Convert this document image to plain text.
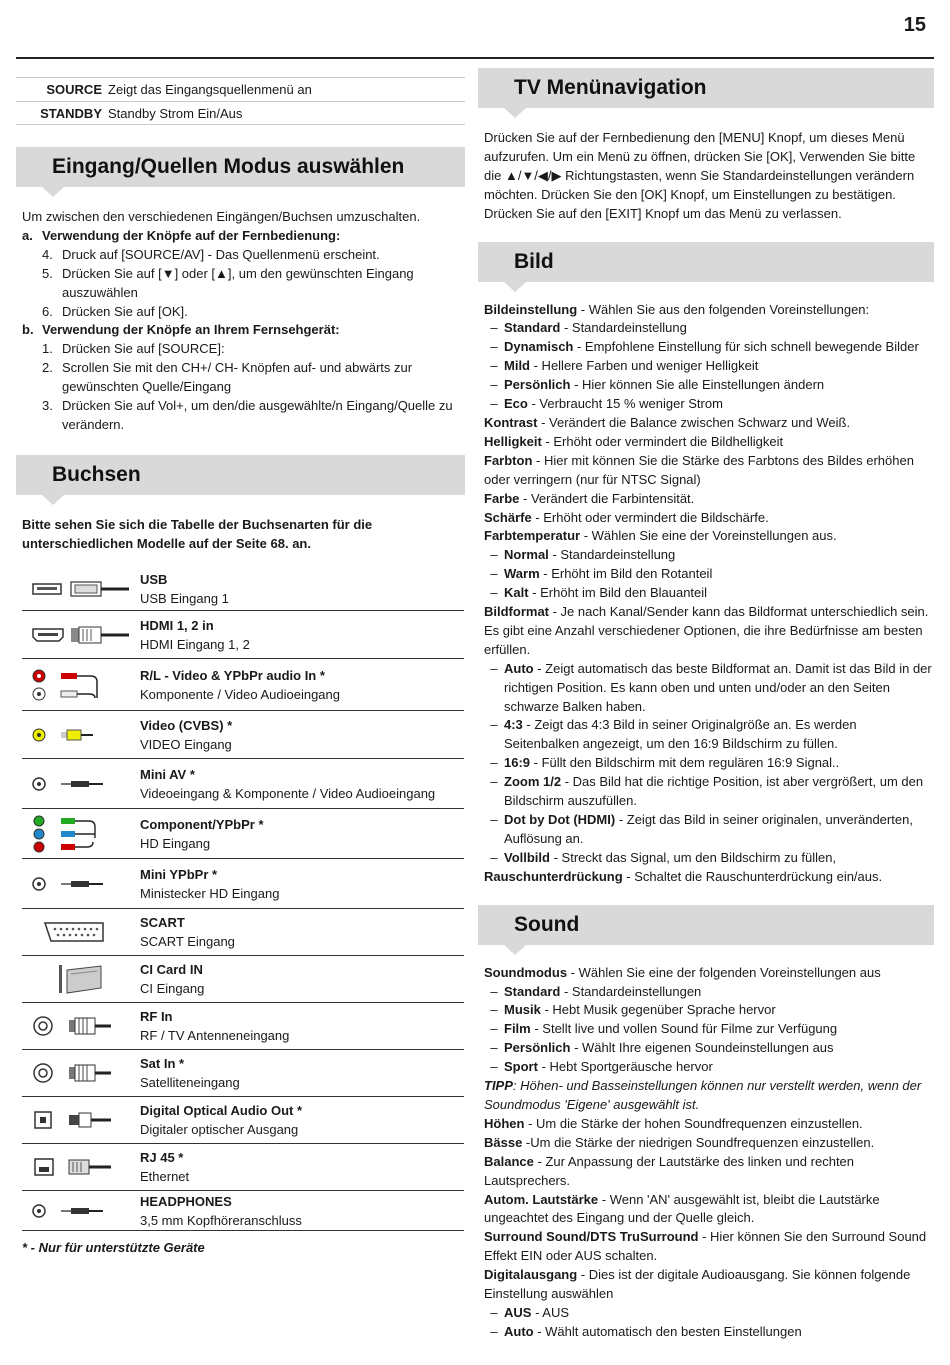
15
SOURCE Zeigt das Eingangsquellenmenü an
STANDBY Standby Strom Ein/Aus
Eingang/Quellen Modus auswählen
Um zwischen den verschiedenen Eingängen/Buchsen umzuschalten.
a. Verwendung der Knöpfe auf der Fernbedienung:
4. Druck auf [SOURCE/AV] - Das Quellenmenü erscheint.
5. Drücken Sie auf [▼] oder [▲], um den gewünschten Eingang auszuwählen
6. Drücken Sie auf [OK].
b. Verwendung der Knöpfe an Ihrem Fernsehgerät:
1. Drücken Sie auf [SOURCE]:
2. Scrollen Sie mit den CH+/ CH- Knöpfen auf- und abwärts zur gewünschten Quelle/Eingang
3. Drücken Sie auf Vol+, um den/die ausgewählte/n Eingang/Quelle zu verändern.
Buchsen
Bitte sehen Sie sich die Tabelle der Buchsenarten für die unterschiedlichen Modelle auf der Seite 68. an.
	USB
USB Eingang 1

	HDMI 1, 2 in
HDMI Eingang 1, 2

	R/L - Video & YPbPr audio In *
Komponente / Video Audioeingang

	Video (CVBS) *
VIDEO Eingang

	Mini AV *
Videoeingang & Komponente / Video Audioeingang

	Component/YPbPr *
HD Eingang

	Mini YPbPr *
Ministecker HD Eingang

	SCART
SCART Eingang

	CI Card IN
CI Eingang

	RF In
RF / TV Antenneneingang

	Sat In *
Satelliteneingang

	Digital Optical Audio Out *
Digitaler optischer Ausgang

	RJ 45 *
Ethernet

	HEADPHONES
3,5 mm Kopfhöreranschluss
* - Nur für unterstützte Geräte
TV Menünavigation
Drücken Sie auf der Fernbedienung den [MENU] Knopf, um dieses Menü aufzurufen. Um ein Menü zu öffnen, drücken Sie [OK], Verwenden Sie bitte die ▲/▼/◀/▶ Richtungstasten, wenn Sie Standardeinstellungen verändern möchten. Drücken Sie den [OK] Knopf, um Einstellungen zu bestätigen. Drücken Sie auf den [EXIT] Knopf um das Menü zu verlassen.
Bild
Bildeinstellung - Wählen Sie aus den folgenden Voreinstellungen:
– Standard - Standardeinstellung
– Dynamisch - Empfohlene Einstellung für sich schnell bewegende Bilder
– Mild - Hellere Farben und weniger Helligkeit
– Persönlich - Hier können Sie alle Einstellungen ändern
– Eco - Verbraucht 15 % weniger Strom
Kontrast - Verändert die Balance zwischen Schwarz und Weiß.
Helligkeit - Erhöht oder vermindert die Bildhelligkeit
Farbton - Hier mit können Sie die Stärke des Farbtons des Bildes erhöhen oder verringern (nur für NTSC Signal)
Farbe - Verändert die Farbintensität.
Schärfe - Erhöht oder vermindert die Bildschärfe.
Farbtemperatur - Wählen Sie eine der Voreinstellungen aus.
– Normal - Standardeinstellung
– Warm - Erhöht im Bild den Rotanteil
– Kalt - Erhöht im Bild den Blauanteil
Bildformat - Je nach Kanal/Sender kann das Bildformat unterschiedlich sein. Es gibt eine Anzahl verschiedener Optionen, die ihre Bedürfnisse am besten erfüllen.
– Auto - Zeigt automatisch das beste Bildformat an. Damit ist das Bild in der richtigen Position. Es kann oben und unten und/oder an den Seiten schwarze Balken haben.
– 4:3 - Zeigt das 4:3 Bild in seiner Originalgröße an. Es werden Seitenbalken angezeigt, um den 16:9 Bildschirm zu füllen.
– 16:9 - Füllt den Bildschirm mit dem regulären 16:9 Signal..
– Zoom 1/2 - Das Bild hat die richtige Position, ist aber vergrößert, um den Bildschirm auszufüllen.
– Dot by Dot (HDMI) - Zeigt das Bild in seiner originalen, unveränderten, Auflösung an.
– Vollbild - Streckt das Signal, um den Bildschirm zu füllen,
Rauschunterdrückung - Schaltet die Rauschunterdrückung ein/aus.
Sound
Soundmodus - Wählen Sie eine der folgenden Voreinstellungen aus
– Standard - Standardeinstellungen
– Musik - Hebt Musik gegenüber Sprache hervor
– Film - Stellt live und vollen Sound für Filme zur Verfügung
– Persönlich - Wählt Ihre eigenen Soundeinstellungen aus
– Sport - Hebt Sportgeräusche hervor
TIPP: Höhen- und Basseinstellungen können nur verstellt werden, wenn der Soundmodus 'Eigene' ausgewählt ist.
Höhen - Um die Stärke der hohen Soundfrequenzen einzustellen.
Bässe -Um die Stärke der niedrigen Soundfrequenzen einzustellen.
Balance - Zur Anpassung der Lautstärke des linken und rechten Lautsprechers.
Autom. Lautstärke - Wenn 'AN' ausgewählt ist, bleibt die Lautstärke ungeachtet des Eingang und der Quelle gleich.
Surround Sound/DTS TruSurround - Hier können Sie den Surround Sound Effekt EIN oder AUS schalten.
Digitalausgang - Dies ist der digitale Audioausgang. Sie können folgende Einstellung auswählen
– AUS - AUS
– Auto - Wählt automatisch den besten Einstellungen
